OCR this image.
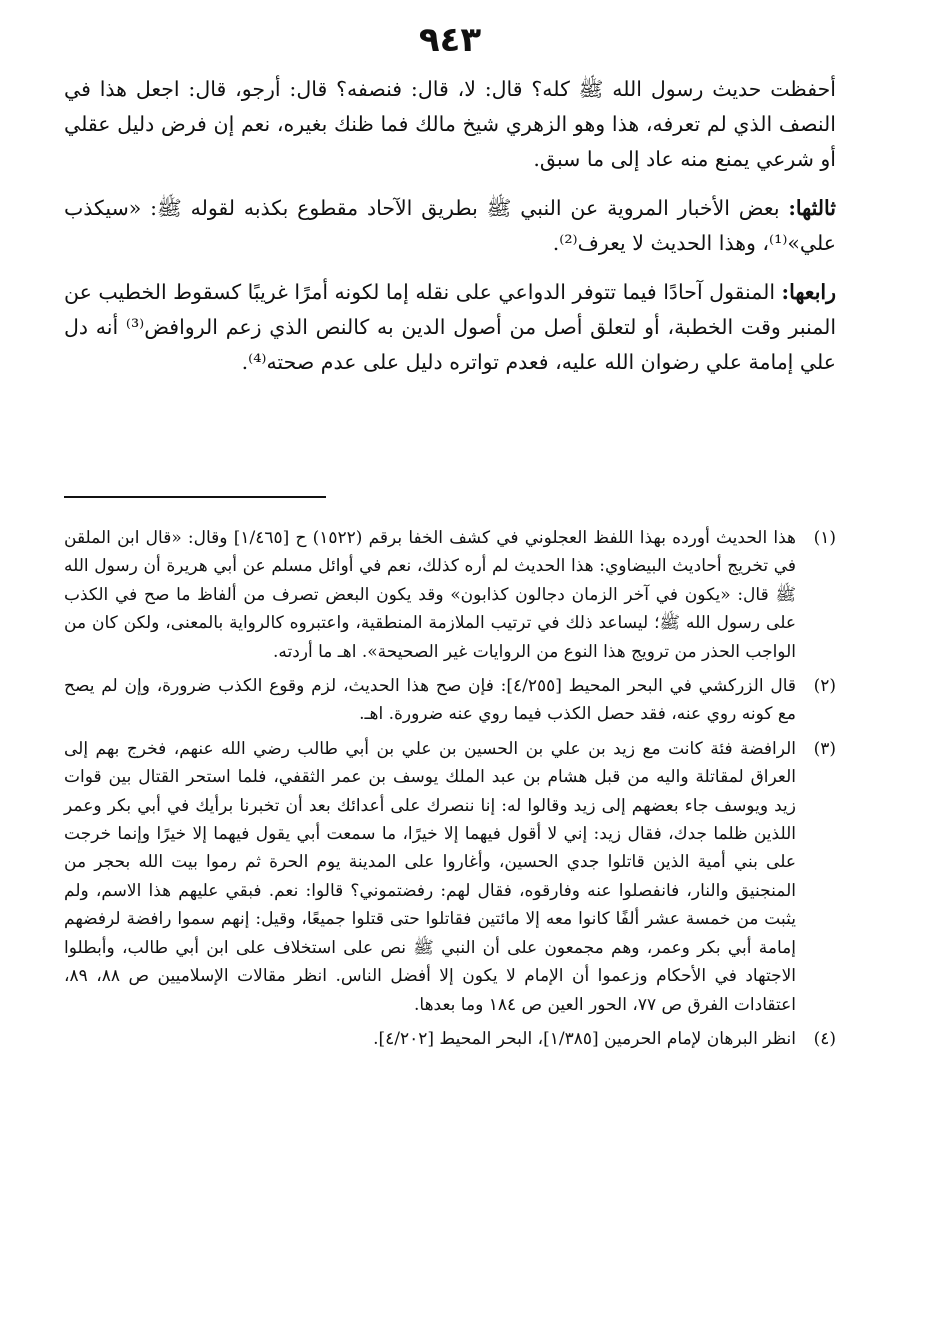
٩٤٣

أحفظت حديث رسول الله ﷺ كله؟ قال: لا، قال: فنصفه؟ قال: أرجو، قال: اجعل هذا في النصف الذي لم تعرفه، هذا وهو الزهري شيخ مالك فما ظنك بغيره، نعم إن فرض دليل عقلي أو شرعي يمنع منه عاد إلى ما سبق.

ثالثها: بعض الأخبار المروية عن النبي ﷺ بطريق الآحاد مقطوع بكذبه لقوله ﷺ: «سيكذب علي»⁽¹⁾، وهذا الحديث لا يعرف⁽²⁾.

رابعها: المنقول آحادًا فيما تتوفر الدواعي على نقله إما لكونه أمرًا غريبًا كسقوط الخطيب عن المنبر وقت الخطبة، أو لتعلق أصل من أصول الدين به كالنص الذي زعم الروافض⁽³⁾ أنه دل علي إمامة علي رضوان الله عليه، فعدم تواتره دليل على عدم صحته⁽⁴⁾.

(١)
هذا الحديث أورده بهذا اللفظ العجلوني في كشف الخفا برقم (١٥٢٢) ح [١/٤٦٥] وقال: «قال ابن الملقن في تخريج أحاديث البيضاوي: هذا الحديث لم أره كذلك، نعم في أوائل مسلم عن أبي هريرة أن رسول الله ﷺ قال: «يكون في آخر الزمان دجالون كذابون» وقد يكون البعض تصرف من ألفاظ ما صح في الكذب على رسول الله ﷺ؛ ليساعد ذلك في ترتيب الملازمة المنطقية، واعتبروه كالرواية بالمعنى، ولكن كان من الواجب الحذر من ترويج هذا النوع من الروايات غير الصحيحة». اهـ ما أردته.
(٢)
قال الزركشي في البحر المحيط [٤/٢٥٥]: فإن صح هذا الحديث، لزم وقوع الكذب ضرورة، وإن لم يصح مع كونه روي عنه، فقد حصل الكذب فيما روي عنه ضرورة. اهـ.
(٣)
الرافضة فئة كانت مع زيد بن علي بن الحسين بن علي بن أبي طالب رضي الله عنهم، فخرج بهم إلى العراق لمقاتلة واليه من قبل هشام بن عبد الملك يوسف بن عمر الثقفي، فلما استحر القتال بين قوات زيد ويوسف جاء بعضهم إلى زيد وقالوا له: إنا ننصرك على أعدائك بعد أن تخبرنا برأيك في أبي بكر وعمر اللذين ظلما جدك، فقال زيد: إني لا أقول فيهما إلا خيرًا، ما سمعت أبي يقول فيهما إلا خيرًا وإنما خرجت على بني أمية الذين قاتلوا جدي الحسين، وأغاروا على المدينة يوم الحرة ثم رموا بيت الله بحجر من المنجنيق والنار، فانفصلوا عنه وفارقوه، فقال لهم: رفضتموني؟ قالوا: نعم. فبقي عليهم هذا الاسم، ولم يثبت من خمسة عشر ألفًا كانوا معه إلا مائتين فقاتلوا حتى قتلوا جميعًا، وقيل: إنهم سموا رافضة لرفضهم إمامة أبي بكر وعمر، وهم مجمعون على أن النبي ﷺ نص على استخلاف على ابن أبي طالب، وأبطلوا الاجتهاد في الأحكام وزعموا أن الإمام لا يكون إلا أفضل الناس. انظر مقالات الإسلاميين ص ٨٨، ٨٩، اعتقادات الفرق ص ٧٧، الحور العين ص ١٨٤ وما بعدها.
(٤)
انظر البرهان لإمام الحرمين [١/٣٨٥]، البحر المحيط [٤/٢٠٢].
